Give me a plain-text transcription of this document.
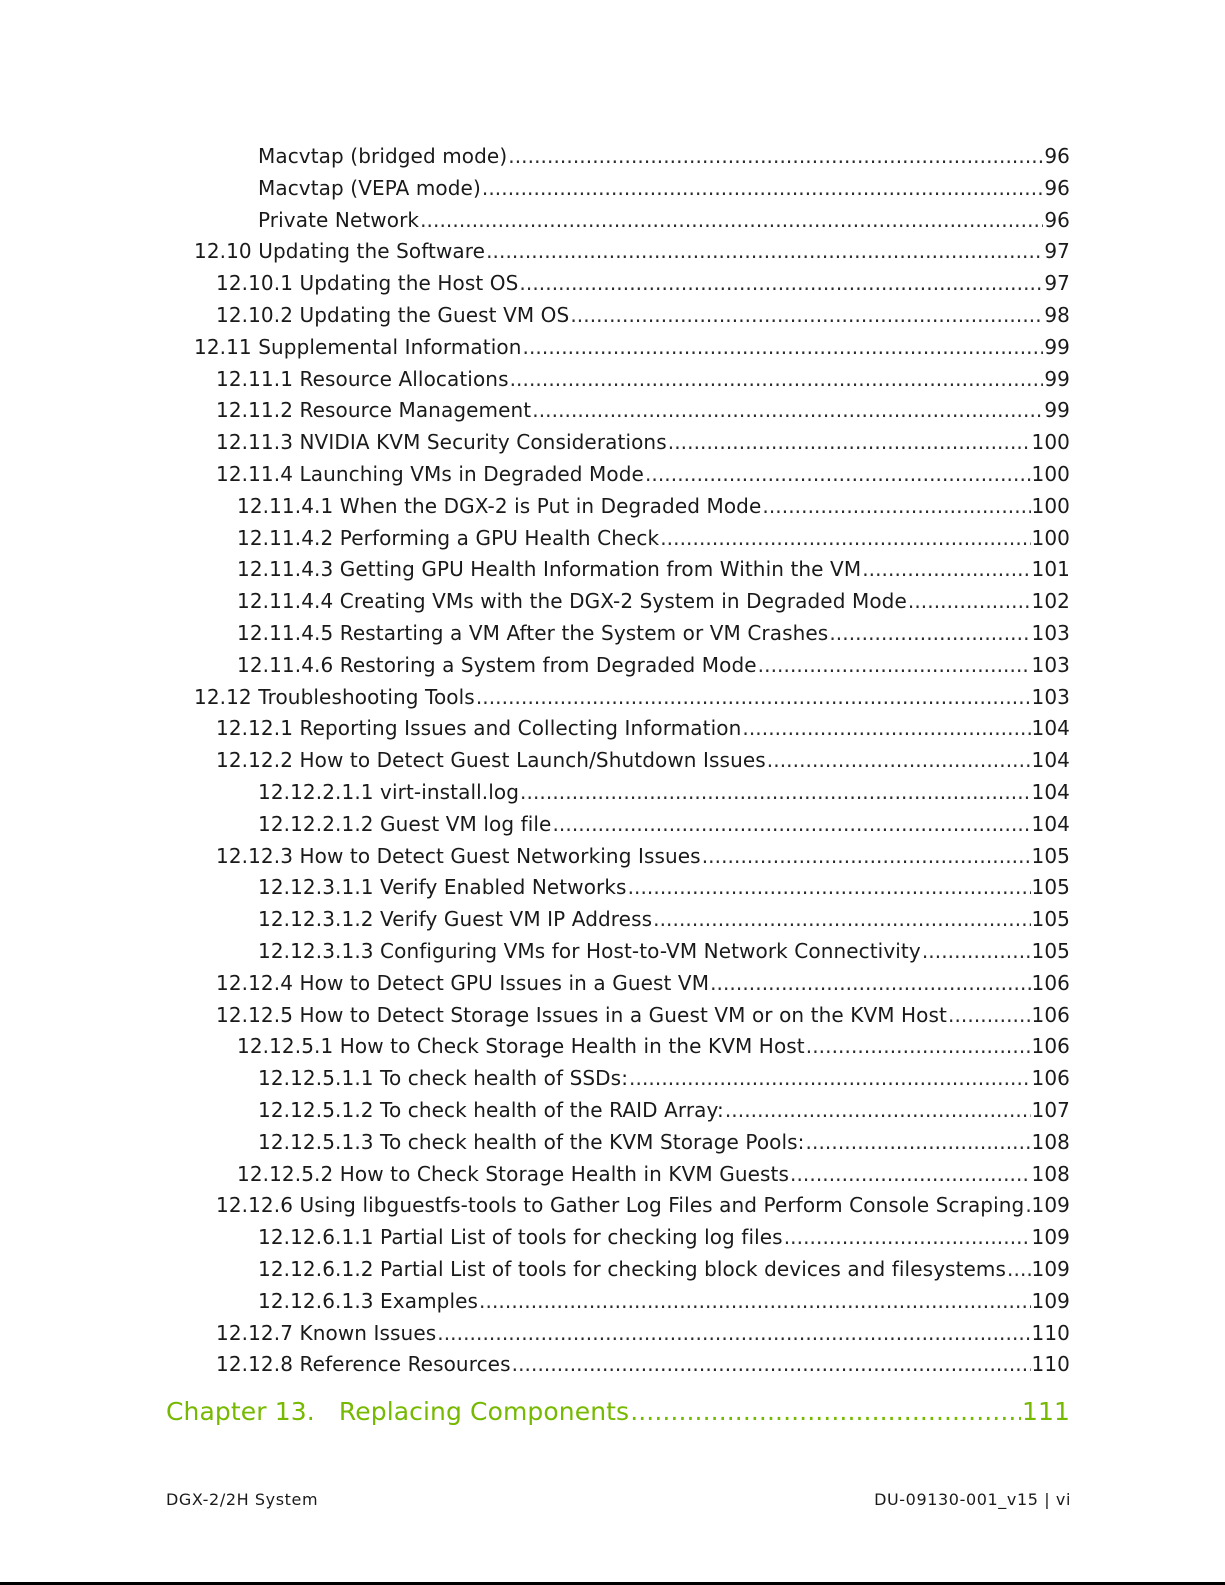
Macvtap (bridged mode) .....	96
Macvtap (VEPA mode) .....	96
Private Network .....	96
12.10 Updating the Software .....	97
12.10.1 Updating the Host OS .....	97
12.10.2 Updating the Guest VM OS .....	98
12.11 Supplemental Information .....	99
12.11.1 Resource Allocations .....	99
12.11.2 Resource Management .....	99
12.11.3 NVIDIA KVM Security Considerations .....	100
12.11.4 Launching VMs in Degraded Mode .....	100
12.11.4.1 When the DGX-2 is Put in Degraded Mode .....	100
12.11.4.2 Performing a GPU Health Check .....	100
12.11.4.3 Getting GPU Health Information from Within the VM .....	101
12.11.4.4 Creating VMs with the DGX-2 System in Degraded Mode .....	102
12.11.4.5 Restarting a VM After the System or VM Crashes .....	103
12.11.4.6 Restoring a System from Degraded Mode .....	103
12.12 Troubleshooting Tools .....	103
12.12.1 Reporting Issues and Collecting Information .....	104
12.12.2 How to Detect Guest Launch/Shutdown Issues .....	104
12.12.2.1.1 virt-install.log .....	104
12.12.2.1.2 Guest VM log file .....	104
12.12.3 How to Detect Guest Networking Issues .....	105
12.12.3.1.1 Verify Enabled Networks .....	105
12.12.3.1.2 Verify Guest VM IP Address .....	105
12.12.3.1.3 Configuring VMs for Host-to-VM Network Connectivity .....	105
12.12.4 How to Detect GPU Issues in a Guest VM .....	106
12.12.5 How to Detect Storage Issues in a Guest VM or on the KVM Host .....	106
12.12.5.1 How to Check Storage Health in the KVM Host .....	106
12.12.5.1.1 To check health of SSDs: .....	106
12.12.5.1.2 To check health of the RAID Array: .....	107
12.12.5.1.3 To check health of the KVM Storage Pools: .....	108
12.12.5.2 How to Check Storage Health in KVM Guests .....	108
12.12.6 Using libguestfs-tools to Gather Log Files and Perform Console Scraping ..... 109
12.12.6.1.1 Partial List of tools for checking log files .....	109
12.12.6.1.2 Partial List of tools for checking block devices and filesystems ..... 109
12.12.6.1.3 Examples .....	109
12.12.7 Known Issues .....	110
12.12.8 Reference Resources .....	110
Chapter 13.   Replacing Components .....	111
DGX-2/2H System	DU-09130-001_v15 | vi
